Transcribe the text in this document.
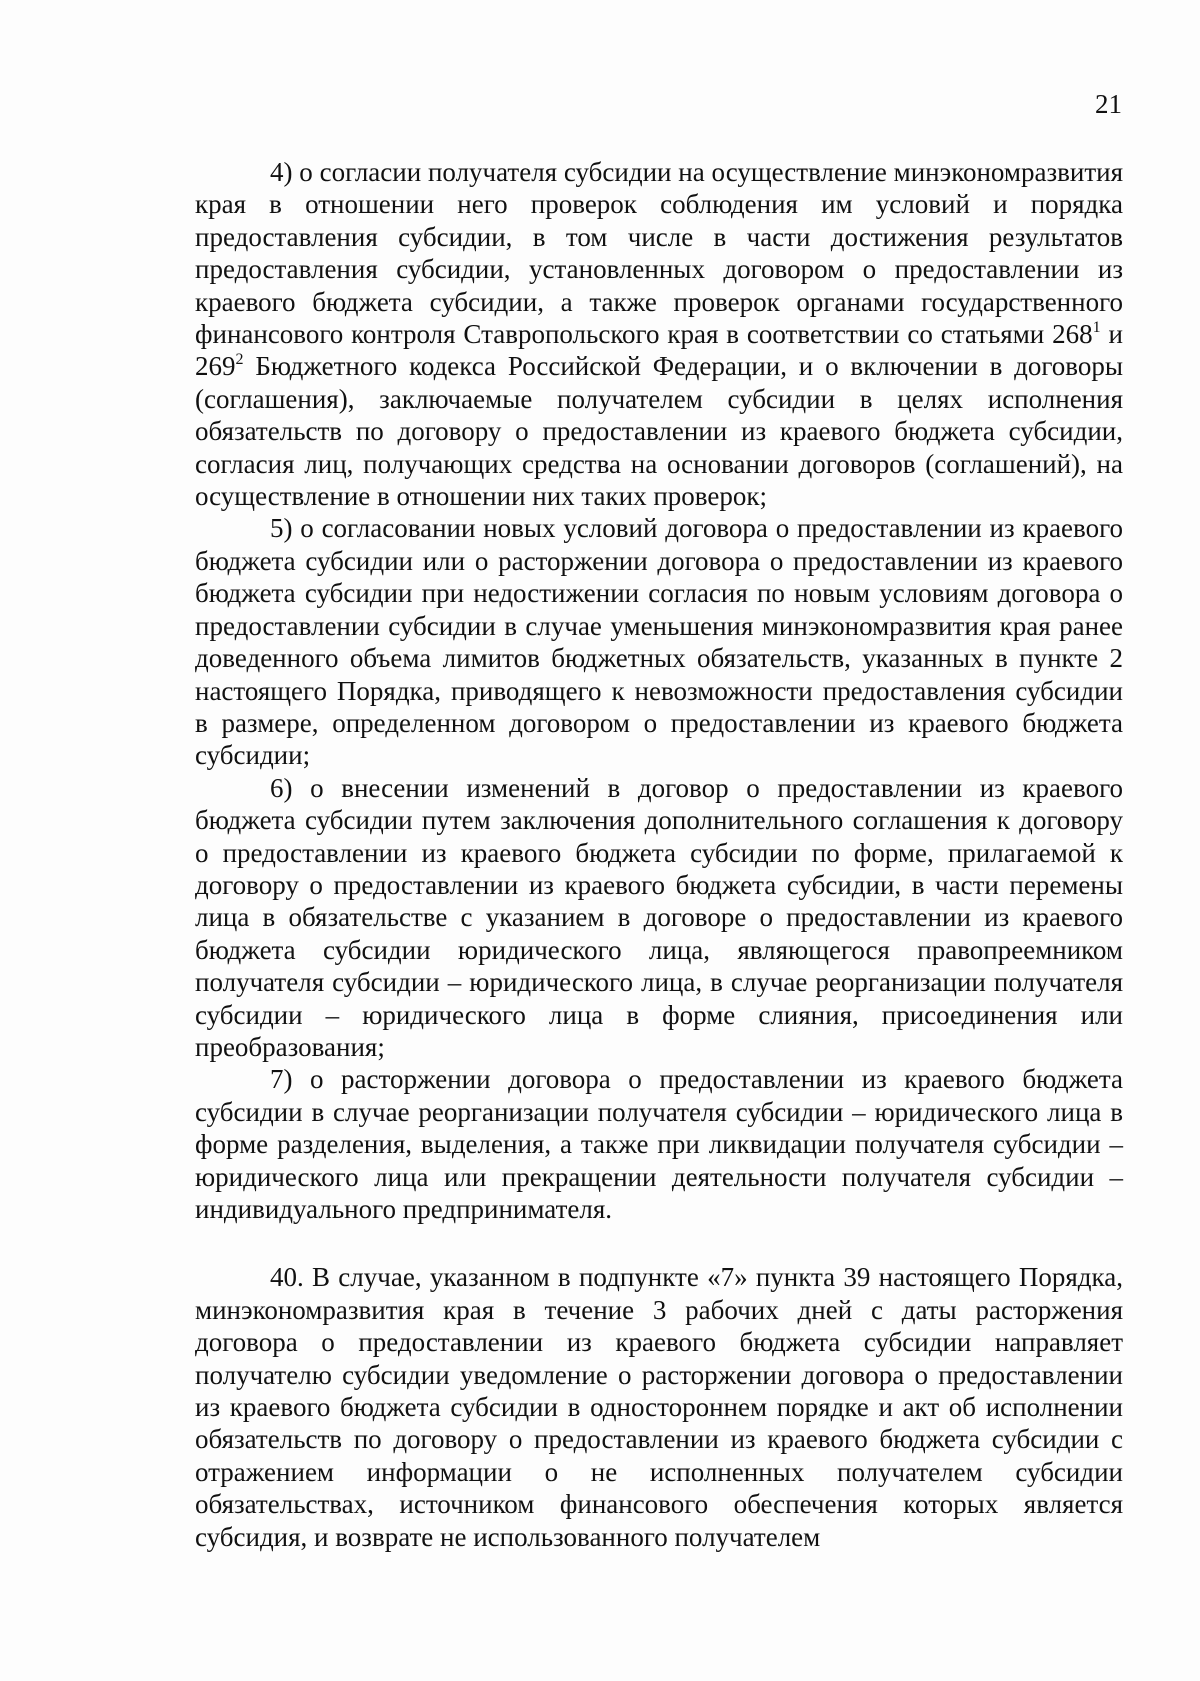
21

4) о согласии получателя субсидии на осуществление минэкономразвития края в отношении него проверок соблюдения им условий и порядка предоставления субсидии, в том числе в части достижения результатов предоставления субсидии, установленных договором о предоставлении из краевого бюджета субсидии, а также проверок органами государственного финансового контроля Ставропольского края в соответствии со статьями $268^1$ и $269^2$ Бюджетного кодекса Российской Федерации, и о включении в договоры (соглашения), заключаемые получателем субсидии в целях исполнения обязательств по договору о предоставлении из краевого бюджета субсидии, согласия лиц, получающих средства на основании договоров (соглашений), на осуществление в отношении них таких проверок;

5) о согласовании новых условий договора о предоставлении из краевого бюджета субсидии или о расторжении договора о предоставлении из краевого бюджета субсидии при недостижении согласия по новым условиям договора о предоставлении субсидии в случае уменьшения минэкономразвития края ранее доведенного объема лимитов бюджетных обязательств, указанных в пункте 2 настоящего Порядка, приводящего к невозможности предоставления субсидии в размере, определенном договором о предоставлении из краевого бюджета субсидии;

6) о внесении изменений в договор о предоставлении из краевого бюджета субсидии путем заключения дополнительного соглашения к договору о предоставлении из краевого бюджета субсидии по форме, прилагаемой к договору о предоставлении из краевого бюджета субсидии, в части перемены лица в обязательстве с указанием в договоре о предоставлении из краевого бюджета субсидии юридического лица, являющегося правопреемником получателя субсидии – юридического лица, в случае реорганизации получателя субсидии – юридического лица в форме слияния, присоединения или преобразования;

7) о расторжении договора о предоставлении из краевого бюджета субсидии в случае реорганизации получателя субсидии – юридического лица в форме разделения, выделения, а также при ликвидации получателя субсидии – юридического лица или прекращении деятельности получателя субсидии – индивидуального предпринимателя.

40. В случае, указанном в подпункте «7» пункта 39 настоящего Порядка, минэкономразвития края в течение 3 рабочих дней с даты расторжения договора о предоставлении из краевого бюджета субсидии направляет получателю субсидии уведомление о расторжении договора о предоставлении из краевого бюджета субсидии в одностороннем порядке и акт об исполнении обязательств по договору о предоставлении из краевого бюджета субсидии с отражением информации о не исполненных получателем субсидии обязательствах, источником финансового обеспечения которых является субсидия, и возврате не использованного получателем
